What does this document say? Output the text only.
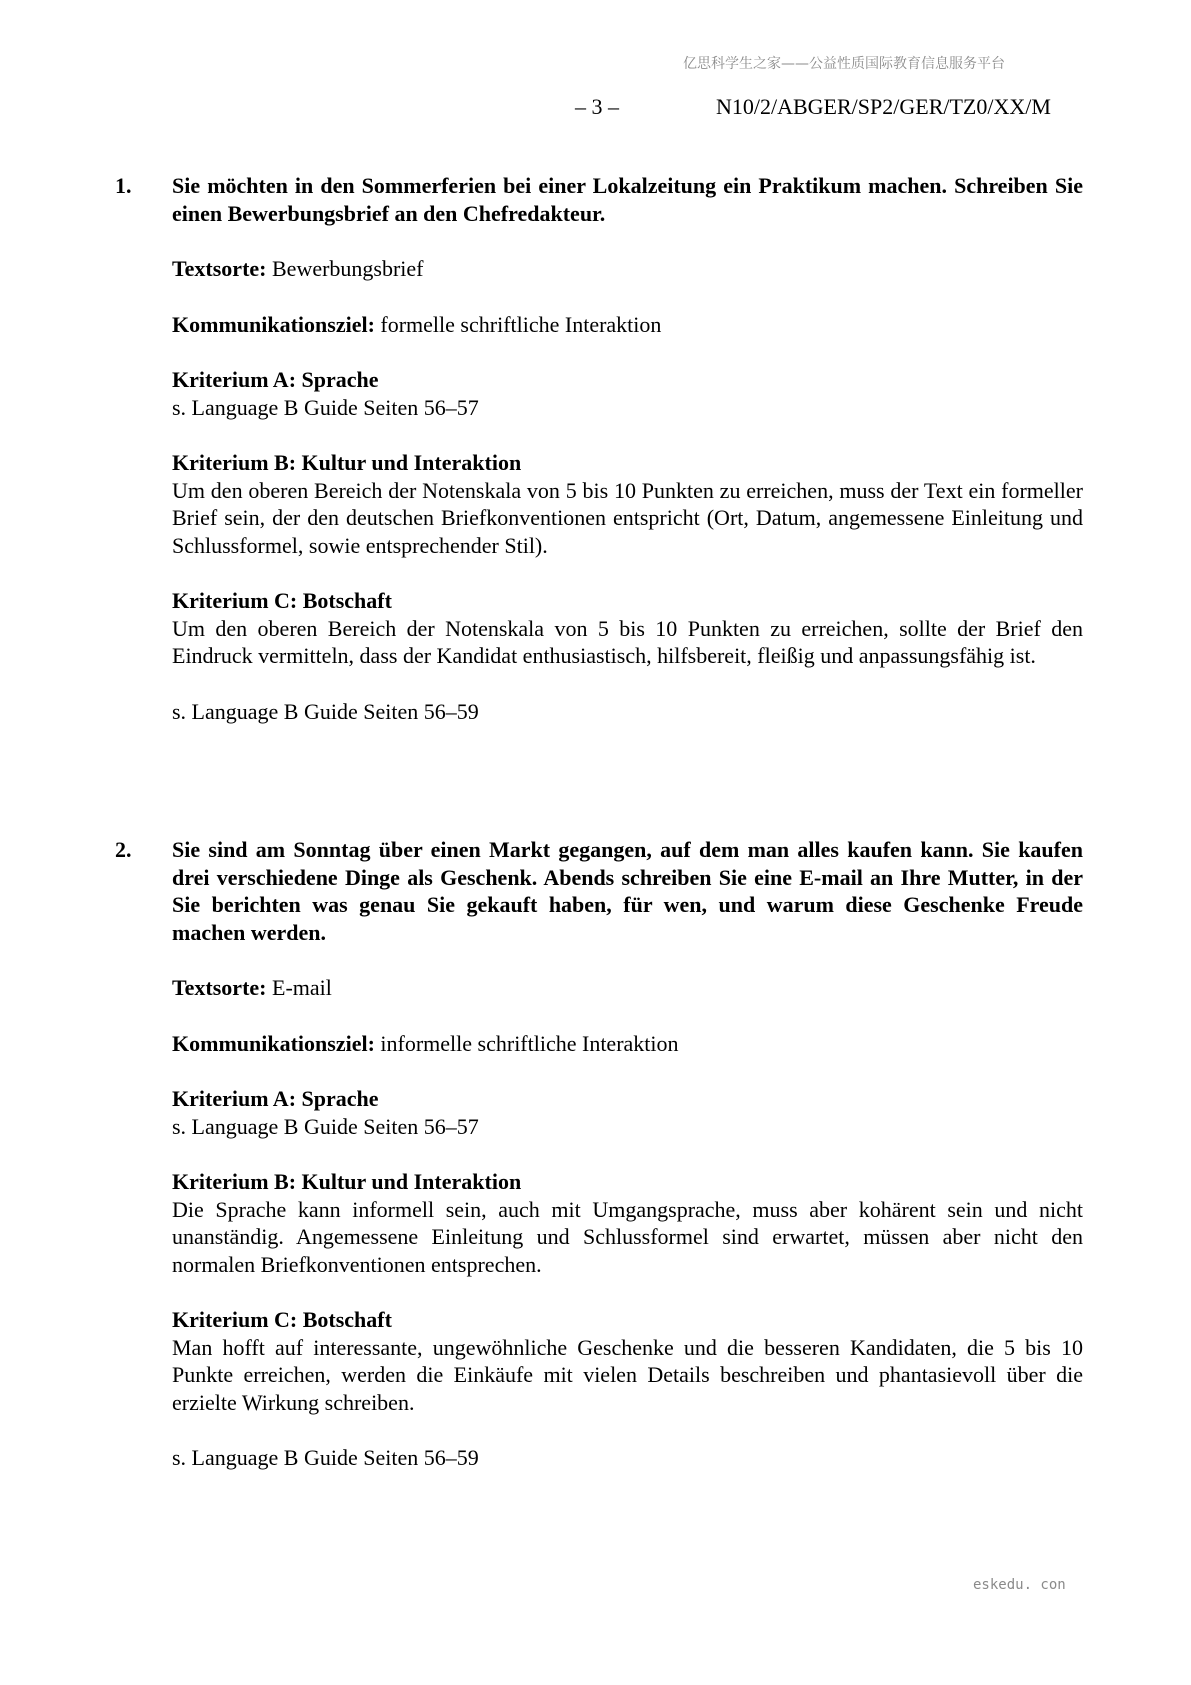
亿思科学生之家——公益性质国际教育信息服务平台
– 3 –	N10/2/ABGER/SP2/GER/TZ0/XX/M
1. Sie möchten in den Sommerferien bei einer Lokalzeitung ein Praktikum machen. Schreiben Sie einen Bewerbungsbrief an den Chefredakteur.

Textsorte: Bewerbungsbrief

Kommunikationsziel: formelle schriftliche Interaktion

Kriterium A: Sprache

s. Language B Guide Seiten 56–57

Kriterium B: Kultur und Interaktion

Um den oberen Bereich der Notenskala von 5 bis 10 Punkten zu erreichen, muss der Text ein formeller Brief sein, der den deutschen Briefkonventionen entspricht (Ort, Datum, angemessene Einleitung und Schlussformel, sowie entsprechender Stil).

Kriterium C: Botschaft

Um den oberen Bereich der Notenskala von 5 bis 10 Punkten zu erreichen, sollte der Brief den Eindruck vermitteln, dass der Kandidat enthusiastisch, hilfsbereit, fleißig und anpassungsfähig ist.

s. Language B Guide Seiten 56–59

2. Sie sind am Sonntag über einen Markt gegangen, auf dem man alles kaufen kann. Sie kaufen drei verschiedene Dinge als Geschenk. Abends schreiben Sie eine E-mail an Ihre Mutter, in der Sie berichten was genau Sie gekauft haben, für wen, und warum diese Geschenke Freude machen werden.

Textsorte: E-mail

Kommunikationsziel: informelle schriftliche Interaktion

Kriterium A: Sprache

s. Language B Guide Seiten 56–57

Kriterium B: Kultur und Interaktion

Die Sprache kann informell sein, auch mit Umgangsprache, muss aber kohärent sein und nicht unanständig. Angemessene Einleitung und Schlussformel sind erwartet, müssen aber nicht den normalen Briefkonventionen entsprechen.

Kriterium C: Botschaft

Man hofft auf interessante, ungewöhnliche Geschenke und die besseren Kandidaten, die 5 bis 10 Punkte erreichen, werden die Einkäufe mit vielen Details beschreiben und phantasievoll über die erzielte Wirkung schreiben.

s. Language B Guide Seiten 56–59

eskedu. con
